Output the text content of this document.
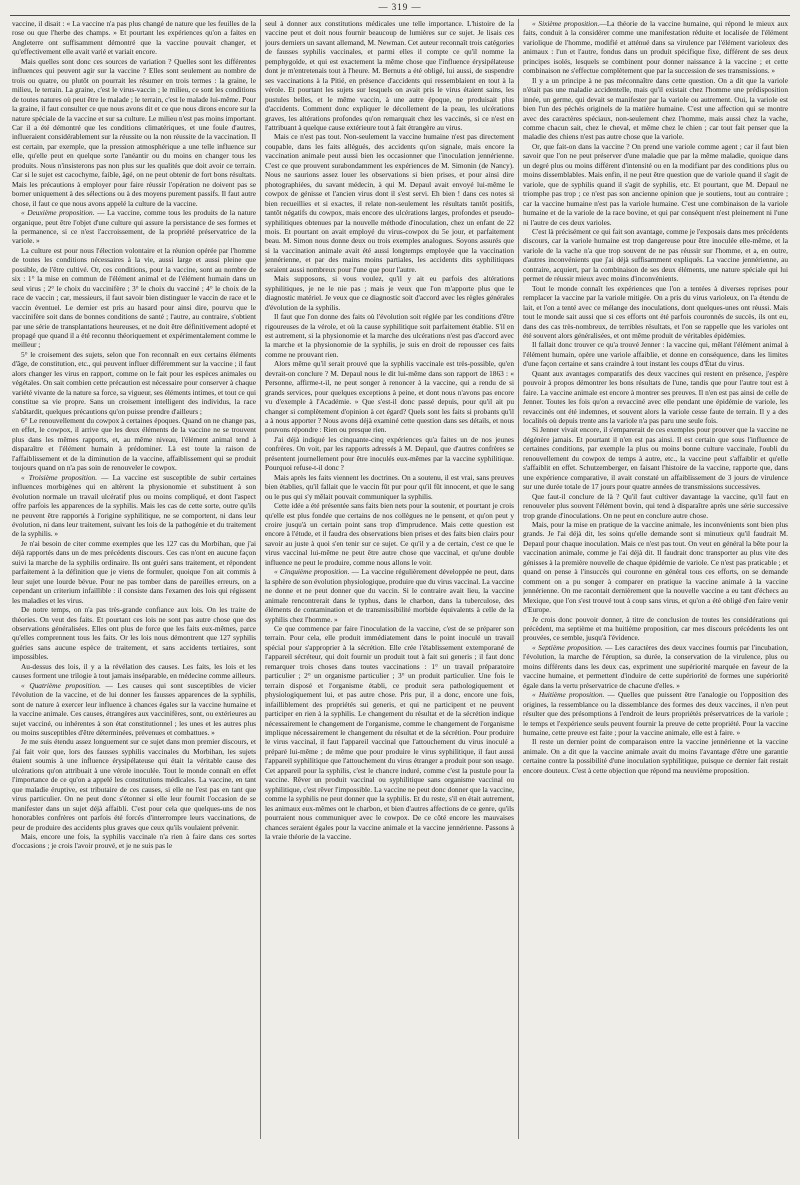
— 319 —

vaccine, il disait : « La vaccine n'a pas plus changé de nature que les feuilles de la rose ou que l'herbe des champs. » Et pourtant les expériences qu'on a faites en Angleterre ont suffisamment démontré que la vaccine pouvait changer, et qu'effectivement elle avait varié et variait encore.

Mais quelles sont donc ces sources de variation ? Quelles sont les différentes influences qui peuvent agir sur la vaccine ? Elles sont seulement au nombre de trois ou quatre, ou plutôt on pourrait les résumer en trois termes : la graine, le milieu, le terrain. La graine, c'est le virus-vaccin ; le milieu, ce sont les conditions de toutes natures où peut être le malade ; le terrain, c'est le malade lui-même. Pour la graine, il faut consulter ce que nous avons dit et ce que nous dirons encore sur la nature spéciale de la vaccine et sur sa culture. Le milieu n'est pas moins important. Car il a été démontré que les conditions climatériques, et une foule d'autres, influeraient considérablement sur la réussite ou la non réussite de la vaccination. Il est certain, par exemple, que la pression atmosphérique a une telle influence sur elle, qu'elle peut en quelque sorte l'anéantir ou du moins en changer tous les produits. Nous n'insisterons pas non plus sur les qualités que doit avoir ce terrain. Car si le sujet est cacochyme, faible, âgé, on ne peut obtenir de fort bons résultats. Mais les précautions à employer pour faire réussir l'opération ne doivent pas se borner uniquement à des sélections ou à des moyens purement passifs. Il faut autre chose, il faut ce que nous avons appelé la culture de la vaccine.

« Deuxième proposition. — La vaccine, comme tous les produits de la nature organique, peut être l'objet d'une culture qui assure la persistance de ses formes et la permanence, si ce n'est l'accroissement, de la propriété préservatrice de la variole. »

La culture est pour nous l'élection volontaire et la réunion opérée par l'homme de toutes les conditions nécessaires à la vie, aussi large et aussi pleine que possible, de l'être cultivé. Or, ces conditions, pour la vaccine, sont au nombre de six : 1° la mise en commun de l'élément animal et de l'élément humain dans un seul virus ; 2° le choix du vaccinifère ; 3° le choix du vacciné ; 4° le choix de la race de vaccin ; car, messieurs, il faut savoir bien distinguer le vaccin de race et le vaccin éventuel. Le dernier est pris au hasard pour ainsi dire, pourvu que le vaccinifère soit dans de bonnes conditions de santé ; l'autre, au contraire, s'obtient par une série de transplantations heureuses, et ne doit être définitivement adopté et propagé que quand il a été reconnu théoriquement et expérimentalement comme le meilleur ;

5° le croisement des sujets, selon que l'on reconnaît en eux certains éléments d'âge, de constitution, etc., qui peuvent influer différemment sur la vaccine ; il faut alors changer les virus en rapport, comme on le fait pour les espèces animales ou végétales. On sait combien cette précaution est nécessaire pour conserver à chaque variété vivante de la nature sa force, sa vigueur, ses éléments intimes, et tout ce qui constitue sa vie propre. Sans un croisement intelligent des individus, la race s'abâtardit, quelques précautions qu'on puisse prendre d'ailleurs ;

6° Le renouvellement du cowpox à certaines époques. Quand on ne change pas, en effet, le cowpox, il arrive que les deux éléments de la vaccine ne se trouvent plus dans les mêmes rapports, et, au même niveau, l'élément animal tend à disparaître et l'élément humain à prédominer. Là est toute la raison de l'affaiblissement et de la diminution de la vaccine, affaiblissement qui se produit toujours quand on n'a pas soin de renouveler le cowpox.

« Troisième proposition. — La vaccine est susceptible de subir certaines influences morbigènes qui en altèrent la physionomie et substituent à son évolution normale un travail ulcératif plus ou moins compliqué, et dont l'aspect offre parfois les apparences de la syphilis. Mais les cas de cette sorte, outre qu'ils ne peuvent être rapportés à l'origine syphilitique, ne se comportent, ni dans leur évolution, ni dans leur traitement, suivant les lois de la pathogénie et du traitement de la syphilis. »

Je n'ai besoin de citer comme exemples que les 127 cas du Morbihan, que j'ai déjà rapportés dans un de mes précédents discours. Ces cas n'ont en aucune façon suivi la marche de la syphilis ordinaire. Ils ont guéri sans traitement, et répondent parfaitement à la définition que je viens de formuler, quoique l'on ait commis à leur sujet une lourde bévue. Pour ne pas tomber dans de pareilles erreurs, on a cependant un criterium infaillible : il consiste dans l'examen des lois qui régissent les maladies et les virus.

De notre temps, on n'a pas très-grande confiance aux lois. On les traite de théories. On veut des faits. Et pourtant ces lois ne sont pas autre chose que des observations généralisées. Elles ont plus de force que les faits eux-mêmes, parce qu'elles comprennent tous les faits. Or les lois nous démontrent que 127 syphilis guéries sans aucune espèce de traitement, et sans accidents tertiaires, sont impossibles.

Au-dessus des lois, il y a la révélation des causes. Les faits, les lois et les causes forment une trilogie à tout jamais inséparable, en médecine comme ailleurs.

« Quatrième proposition. — Les causes qui sont susceptibles de vicier l'évolution de la vaccine, et de lui donner les fausses apparences de la syphilis, sont de nature à exercer leur influence à chances égales sur la vaccine humaine et la vaccine animale. Ces causes, étrangères aux vaccinifères, sont, ou extérieures au sujet vacciné, ou inhérentes à son état constitutionnel ; les unes et les autres plus ou moins susceptibles d'être déterminées, prévenues et combattues. »

Je me suis étendu assez longuement sur ce sujet dans mon premier discours, et j'ai fait voir que, lors des fausses syphilis vaccinales du Morbihan, les sujets étaient soumis à une influence érysipélateuse qui était la véritable cause des ulcérations qu'on attribuait à une vérole inoculée. Tout le monde connaît en effet l'importance de ce qu'on a appelé les constitutions médicales. La vaccine, en tant que maladie éruptive, est tributaire de ces causes, si elle ne l'est pas en tant que virus particulier. On ne peut donc s'étonner si elle leur fournit l'occasion de se manifester dans un sujet déjà affaibli. C'est pour cela que quelques-uns de nos honorables confrères ont parfois été forcés d'interrompre leurs vaccinations, de peur de produire des accidents plus graves que ceux qu'ils voulaient prévenir.

Mais, encore une fois, la syphilis vaccinale n'a rien à faire dans ces sortes d'occasions ; je crois l'avoir prouvé, et je ne suis pas le

seul à donner aux constitutions médicales une telle importance. L'histoire de la vaccine peut et doit nous fournir beaucoup de lumières sur ce sujet. Je lisais ces jours derniers un savant allemand, M. Newman. Cet auteur reconnaît trois catégories de fausses syphilis vaccinales, et parmi elles il compte ce qu'il nomme la pemphygoïde, et qui est exactement la même chose que l'influence érysipélateuse dont je m'entretenais tout à l'heure. M. Bernuts a été obligé, lui aussi, de suspendre ses vaccinations à la Pitié, en présence d'accidents qui ressemblaient en tout à la vérole. Et pourtant les sujets sur lesquels on avait pris le virus étaient sains, les pustules belles, et le même vaccin, à une autre époque, ne produisait plus d'accidents. Comment donc expliquer le décollement de la peau, les ulcérations graves, les altérations profondes qu'on remarquait chez les vaccinés, si ce n'est en l'attribuant à quelque cause extérieure tout à fait étrangère au virus.

Mais ce n'est pas tout. Non-seulement la vaccine humaine n'est pas directement coupable, dans les faits allégués, des accidents qu'on signale, mais encore la vaccination animale peut aussi bien les occasionner que l'inoculation jennérienne. C'est ce que prouvent surabondamment les expériences de M. Simonin (de Nancy). Nous ne saurions assez louer les observations si bien prises, et pour ainsi dire photographiées, du savant médecin, à qui M. Depaul avait envoyé lui-même le cowpox de génisse et l'ancien virus dont il s'est servi. Eh bien ! dans ces notes si bien recueillies et si exactes, il relate non-seulement les résultats tantôt positifs, tantôt négatifs du cowpox, mais encore des ulcérations larges, profondes et pseudo-syphilitiques obtenues par la nouvelle méthode d'inoculation, chez un enfant de 22 mois. Et pourtant on avait employé du virus-cowpox du 5e jour, et parfaitement beau. M. Simon nous donne deux ou trois exemples analogues. Soyons assurés que si la vaccination animale avait été aussi longtemps employée que la vaccination jennérienne, et par des mains moins partiales, les accidents dits syphilitiques seraient aussi nombreux pour l'une que pour l'autre.

Mais supposons, si vous voulez, qu'il y ait eu parfois des altérations syphilitiques, je ne le nie pas ; mais je veux que l'on m'apporte plus que le diagnostic matériel. Je veux que ce diagnostic soit d'accord avec les règles générales d'évolution de la syphilis.

Il faut que l'on donne des faits où l'évolution soit réglée par les conditions d'être rigoureuses de la vérole, et où la cause syphilitique soit parfaitement établie. S'il en est autrement, si la physionomie et la marche des ulcérations n'est pas d'accord avec la marche et la physionomie de la syphilis, je suis en droit de repousser ces faits comme ne prouvant rien.

Alors même qu'il serait prouvé que la syphilis vaccinale est très-possible, qu'en devrait-on conclure ? M. Depaul nous le dit lui-même dans son rapport de 1863 : « Personne, affirme-t-il, ne peut songer à renoncer à la vaccine, qui a rendu de si grands services, pour quelques exceptions à peine, et dont nous n'avons pas encore vu d'exemple à l'Académie. » Que s'est-il donc passé depuis, pour qu'il ait pu changer si complètement d'opinion à cet égard? Quels sont les faits si probants qu'il a à nous apporter ? Nous avons déjà examiné cette question dans ses détails, et nous pouvons répondre : Rien ou presque rien.

J'ai déjà indiqué les cinquante-cinq expériences qu'a faites un de nos jeunes confrères. On voit, par les rapports adressés à M. Depaul, que d'autres confrères se présentent journellement pour être inoculés eux-mêmes par la vaccine syphilitique. Pourquoi refuse-t-il donc ?

Mais après les faits viennent les doctrines. On a soutenu, il est vrai, sans preuves bien établies, qu'il fallait que le vaccin fût pur pour qu'il fût innocent, et que le sang ou le pus qui s'y mêlait pouvait communiquer la syphilis.

Cette idée a été présentée sans faits bien nets pour la soutenir, et pourtant je crois qu'elle est plus fondée que certains de nos collègues ne le pensent, et qu'on peut y croire jusqu'à un certain point sans trop d'imprudence. Mais cette question est encore à l'étude, et il faudra des observations bien prises et des faits bien clairs pour savoir au juste à quoi s'en tenir sur ce sujet. Ce qu'il y a de certain, c'est ce que le virus vaccinal lui-même ne peut être autre chose que vaccinal, et qu'une double influence ne peut le produire, comme nous allons le voir.

« Cinquième proposition. — La vaccine régulièrement développée ne peut, dans la sphère de son évolution physiologique, produire que du virus vaccinal. La vaccine ne donne et ne peut donner que du vaccin. Si le contraire avait lieu, la vaccine animale rencontrerait dans le typhus, dans le charbon, dans la tuberculose, des éléments de contamination et de transmissibilité morbide équivalents à celle de la syphilis chez l'homme. »

Ce que commence par faire l'inoculation de la vaccine, c'est de se préparer son terrain. Pour cela, elle produit immédiatement dans le point inoculé un travail spécial pour s'approprier à la sécrétion. Elle crée l'établissement extemporané de l'appareil sécréteur, qui doit fournir un produit tout à fait sui generis ; il faut donc remarquer trois choses dans toutes vaccinations : 1° un travail préparatoire particulier ; 2° un organisme particulier ; 3° un produit particulier. Une fois le terrain disposé et l'organisme établi, ce produit sera pathologiquement et physiologiquement lui, et pas autre chose. Pris pur, il a donc, encore une fois, infailliblement des propriétés sui generis, et qui ne participent et ne peuvent participer en rien à la syphilis. Le changement du résultat et de la sécrétion indique nécessairement le changement de l'organisme, comme le changement de l'organisme implique nécessairement le changement du résultat et de la sécrétion. Pour produire le virus vaccinal, il faut l'appareil vaccinal que l'attouchement du virus inoculé a préparé lui-même ; de même que pour produire le virus syphilitique, il faut aussi l'appareil syphilitique que l'attouchement du virus étranger a produit pour son usage. Cet appareil pour la syphilis, c'est le chancre induré, comme c'est la pustule pour la vaccine. Rêver un produit vaccinal ou syphilitique sans organisme vaccinal ou syphilitique, c'est rêver l'impossible. La vaccine ne peut donc donner que la vaccine, comme la syphilis ne peut donner que la syphilis. Et du reste, s'il en était autrement, les animaux eux-mêmes ont le charbon, et bien d'autres affections de ce genre, qu'ils pourraient nous communiquer avec le cowpox. De ce côté encore les mauvaises chances seraient égales pour la vaccine animale et la vaccine jennérienne. Passons à la vraie théorie de la vaccine.

« Sixième proposition.—La théorie de la vaccine humaine, qui répond le mieux aux faits, conduit à la considérer comme une manifestation réduite et localisée de l'élément variolique de l'homme, modifié et atténué dans sa virulence par l'élément varioleux des animaux : l'un et l'autre, fondus dans un produit spécifique fixe, différent de ses deux principes isolés, lesquels se combinent pour donner naissance à la vaccine ; et cette combinaison ne s'effectue complètement que par la succession de ses transmissions. »

Il y a un principe à ne pas méconnaître dans cette question. On a dit que la variole n'était pas une maladie accidentelle, mais qu'il existait chez l'homme une prédisposition innée, un germe, qui devait se manifester par la variole ou autrement. Oui, la variole est bien l'un des péchés originels de la matière humaine. C'est une affection qui se montre avec des caractères spéciaux, non-seulement chez l'homme, mais aussi chez la vache, comme chacun sait, chez le cheval, et même chez le chien ; car tout fait penser que la maladie des chiens n'est pas autre chose que la variole.

Or, que fait-on dans la vaccine ? On prend une variole comme agent ; car il faut bien savoir que l'on ne peut préserver d'une maladie que par la même maladie, quoique dans un degré plus ou moins différent d'intensité ou en la modifiant par des conditions plus ou moins dissemblables. Mais enfin, il ne peut être question que de variole quand il s'agit de variole, que de syphilis quand il s'agit de syphilis, etc. Et pourtant, que M. Depaul ne triomphe pas trop ; ce n'est pas son ancienne opinion que je soutiens, tout au contraire ; car la vaccine humaine n'est pas la variole humaine. C'est une combinaison de la variole humaine et de la variole de la race bovine, et qui par conséquent n'est pleinement ni l'une ni l'autre de ces deux varioles.

C'est là précisément ce qui fait son avantage, comme je l'exposais dans mes précédents discours, car la variole humaine est trop dangereuse pour être inoculée elle-même, et la variole de la vache n'a que trop souvent de ne pas réussir sur l'homme, et a, en outre, d'autres inconvénients que j'ai déjà suffisamment expliqués. La vaccine jennérienne, au contraire, acquiert, par la combinaison de ses deux éléments, une nature spéciale qui lui permet de réussir mieux avec moins d'inconvénients.

Tout le monde connaît les expériences que l'on a tentées à diverses reprises pour remplacer la vaccine par la variole mitigée. On a pris du virus varioleux, on l'a étendu de lait, et l'on a tenté avec ce mélange des inoculations, dont quelques-unes ont réussi. Mais tout le monde sait aussi que si ces efforts ont été parfois couronnés de succès, ils ont eu, dans des cas très-nombreux, de terribles résultats, et l'on se rappelle que les varioles ont été souvent alors généralisées, et ont même produit de véritables épidémies.

Il fallait donc trouver ce qu'a trouvé Jenner : la vaccine qui, mêlant l'élément animal à l'élément humain, opère une variole affaiblie, et donne en conséquence, dans les limites d'une façon certaine et sans craindre à tout instant les coups d'État du virus.

Quant aux avantages comparatifs des deux vaccines qui restent en présence, j'espère pouvoir à propos démontrer les bons résultats de l'une, tandis que pour l'autre tout est à faire. La vaccine animale est encore à montrer ses preuves. Il n'en est pas ainsi de celle de Jenner. Toutes les fois qu'on a revacciné avec elle pendant une épidémie de variole, les revaccinés ont été indemnes, et souvent alors la variole cesse faute de terrain. Il y a des localités où depuis trente ans la variole n'a pas paru une seule fois.

Si Jenner vivait encore, il s'emparerait de ces exemples pour prouver que la vaccine ne dégénère jamais. Et pourtant il n'en est pas ainsi. Il est certain que sous l'influence de certaines conditions, par exemple la plus ou moins bonne culture vaccinale, l'oubli du renouvellement du cowpox de temps à autre, etc., la vaccine peut s'affaiblir et qu'elle s'affaiblit en effet. Schutzemberger, en faisant l'histoire de la vaccine, rapporte que, dans une expérience comparative, il avait constaté un affaiblissement de 3 jours de virulence sur une durée totale de 17 jours pour quatre années de transmissions successives.

Que faut-il conclure de là ? Qu'il faut cultiver davantage la vaccine, qu'il faut en renouveler plus souvent l'élément bovin, qui tend à disparaître après une série successive trop grande d'inoculations. On ne peut en conclure autre chose.

Mais, pour la mise en pratique de la vaccine animale, les inconvénients sont bien plus grands. Je l'ai déjà dit, les soins qu'elle demande sont si minutieux qu'il faudrait M. Depaul pour chaque inoculation. Mais ce n'est pas tout. On veut en général la bête pour la vaccination animale, comme je l'ai déjà dit. Il faudrait donc transporter au plus vite des génisses à la première nouvelle de chaque épidémie de variole. Ce n'est pas praticable ; et quand on pense à l'insuccès qui couronne en général tous ces efforts, on se demande comment on a pu songer à comparer en pratique la vaccine animale à la vaccine jennérienne. On me racontait dernièrement que la nouvelle vaccine a eu tant d'échecs au Mexique, que l'on s'est trouvé tout à coup sans virus, et qu'on a été obligé d'en faire venir d'Europe.

Je crois donc pouvoir donner, à titre de conclusion de toutes les considérations qui précèdent, ma septième et ma huitième proposition, car mes discours précédents les ont prouvées, ce semble, jusqu'à l'évidence.

« Septième proposition. — Les caractères des deux vaccines fournis par l'incubation, l'évolution, la marche de l'éruption, sa durée, la conservation de la virulence, plus ou moins différents dans les deux cas, expriment une supériorité marquée en faveur de la vaccine humaine, et permettent d'induire de cette supériorité de formes une supériorité égale dans la vertu préservatrice de chacune d'elles. »

« Huitième proposition. — Quelles que puissent être l'analogie ou l'opposition des origines, la ressemblance ou la dissemblance des formes des deux vaccines, il n'en peut résulter que des présomptions à l'endroit de leurs propriétés préservatrices de la variole ; le temps et l'expérience seuls peuvent fournir la preuve de cette propriété. Pour la vaccine humaine, cette preuve est faite ; pour la vaccine animale, elle est à faire. »

Il reste un dernier point de comparaison entre la vaccine jennérienne et la vaccine animale. On a dit que la vaccine animale avait du moins l'avantage d'être une garantie certaine contre la possibilité d'une inoculation syphilitique, puisque ce dernier fait restait encore douteux. C'est à cette objection que répond ma neuvième proposition.
